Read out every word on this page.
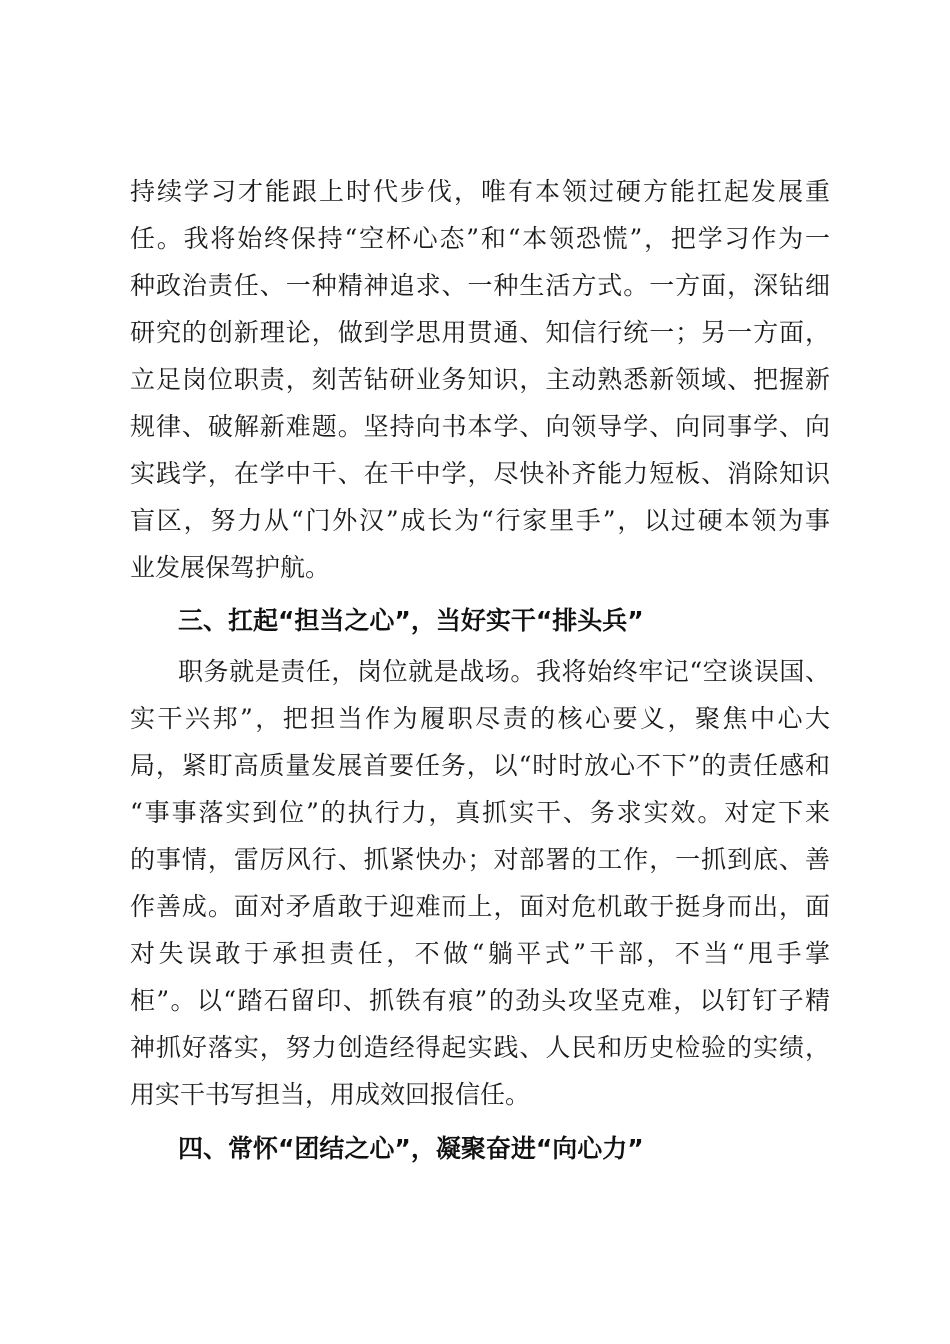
持续学习才能跟上时代步伐，唯有本领过硬方能扛起发展重
任。我将始终保持“空杯心态”和“本领恐慌”，把学习作为一
种政治责任、一种精神追求、一种生活方式。一方面，深钻细
研究的创新理论，做到学思用贯通、知信行统一；另一方面，
立足岗位职责，刻苦钻研业务知识，主动熟悉新领域、把握新
规律、破解新难题。坚持向书本学、向领导学、向同事学、向
实践学，在学中干、在干中学，尽快补齐能力短板、消除知识
盲区，努力从“门外汉”成长为“行家里手”，以过硬本领为事
业发展保驾护航。
三、扛起“担当之心”，当好实干“排头兵”
职务就是责任，岗位就是战场。我将始终牢记“空谈误国、
实干兴邦”，把担当作为履职尽责的核心要义，聚焦中心大
局，紧盯高质量发展首要任务，以“时时放心不下”的责任感和
“事事落实到位”的执行力，真抓实干、务求实效。对定下来
的事情，雷厉风行、抓紧快办；对部署的工作，一抓到底、善
作善成。面对矛盾敢于迎难而上，面对危机敢于挺身而出，面
对失误敢于承担责任，不做“躺平式”干部，不当“甩手掌
柜”。以“踏石留印、抓铁有痕”的劲头攻坚克难，以钉钉子精
神抓好落实，努力创造经得起实践、人民和历史检验的实绩，
用实干书写担当，用成效回报信任。
四、常怀“团结之心”，凝聚奋进“向心力”
